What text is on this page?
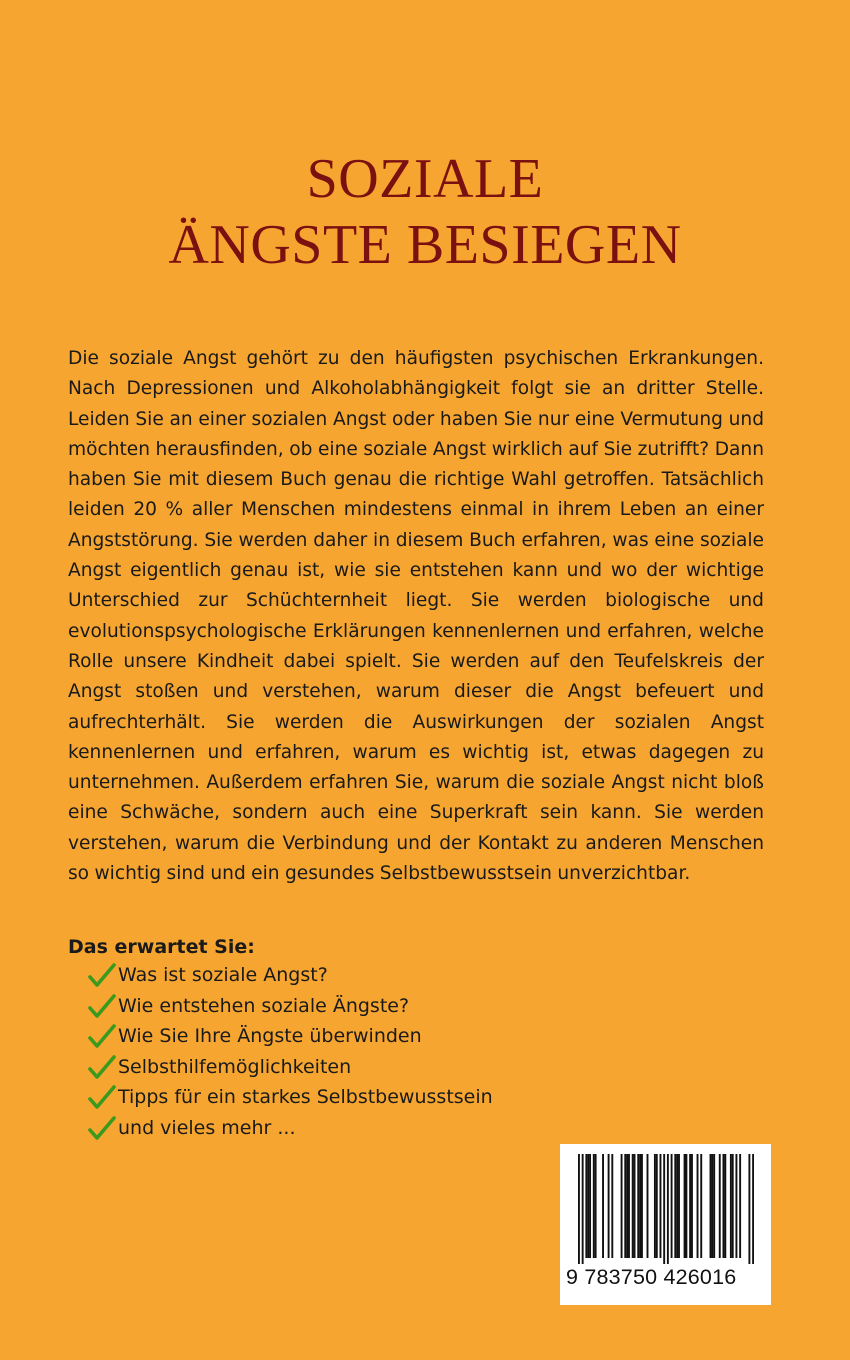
SOZIALE
ÄNGSTE BESIEGEN

Die soziale Angst gehört zu den häufigsten psychischen Erkrankungen. Nach Depressionen und Alkoholabhängigkeit folgt sie an dritter Stelle. Leiden Sie an einer sozialen Angst oder haben Sie nur eine Vermutung und möchten herausfinden, ob eine soziale Angst wirklich auf Sie zutrifft? Dann haben Sie mit diesem Buch genau die richtige Wahl getroffen. Tatsächlich leiden 20 % aller Menschen mindestens einmal in ihrem Leben an einer Angststörung. Sie werden daher in diesem Buch erfahren, was eine soziale Angst eigentlich genau ist, wie sie entstehen kann und wo der wichtige Unterschied zur Schüchternheit liegt. Sie werden biologische und evolutionspsychologische Erklärungen kennenlernen und erfahren, welche Rolle unsere Kindheit dabei spielt. Sie werden auf den Teufelskreis der Angst stoßen und verstehen, warum dieser die Angst befeuert und aufrechterhält. Sie werden die Auswirkungen der sozialen Angst kennenlernen und erfahren, warum es wichtig ist, etwas dagegen zu unternehmen. Außerdem erfahren Sie, warum die soziale Angst nicht bloß eine Schwäche, sondern auch eine Superkraft sein kann. Sie werden verstehen, warum die Verbindung und der Kontakt zu anderen Menschen so wichtig sind und ein gesundes Selbstbewusstsein unverzichtbar.

Das erwartet Sie:

Was ist soziale Angst?
Wie entstehen soziale Ängste?
Wie Sie Ihre Ängste überwinden
Selbsthilfemöglichkeiten
Tipps für ein starkes Selbstbewusstsein
und vieles mehr ...
9 783750 426016
